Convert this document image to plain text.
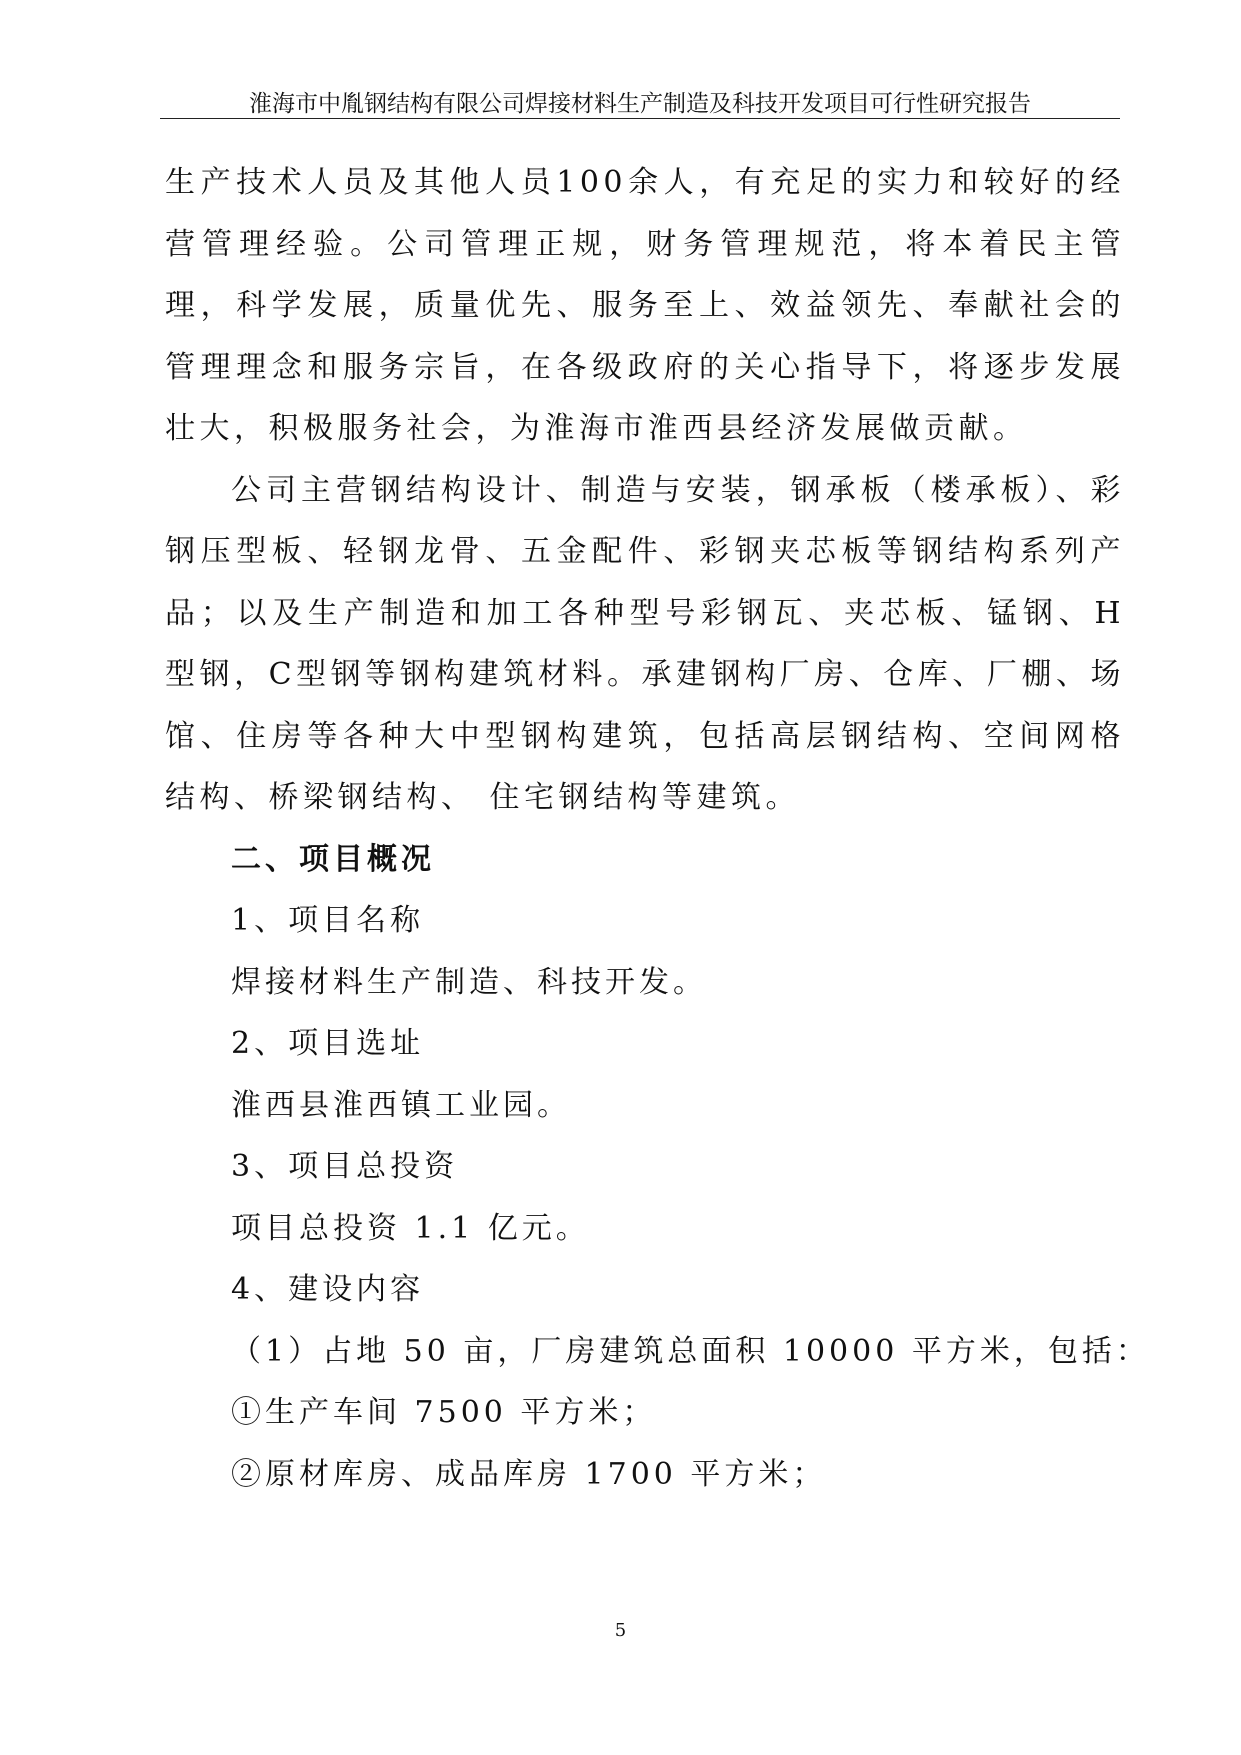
淮海市中胤钢结构有限公司焊接材料生产制造及科技开发项目可行性研究报告

生产技术人员及其他人员100余人，有充足的实力和较好的经营管理经验。公司管理正规，财务管理规范，将本着民主管理，科学发展，质量优先、服务至上、效益领先、奉献社会的管理理念和服务宗旨，在各级政府的关心指导下，将逐步发展壮大，积极服务社会，为淮海市淮西县经济发展做贡献。

公司主营钢结构设计、制造与安装，钢承板（楼承板）、彩钢压型板、轻钢龙骨、五金配件、彩钢夹芯板等钢结构系列产品；以及生产制造和加工各种型号彩钢瓦、夹芯板、锰钢、H型钢，C型钢等钢构建筑材料。承建钢构厂房、仓库、厂棚、场馆、住房等各种大中型钢构建筑，包括高层钢结构、空间网格结构、桥梁钢结构、 住宅钢结构等建筑。

二、项目概况

1、项目名称

焊接材料生产制造、科技开发。

2、项目选址

淮西县淮西镇工业园。

3、项目总投资

项目总投资 1.1 亿元。

4、建设内容

（1）占地 50 亩，厂房建筑总面积 10000 平方米，包括：

①生产车间 7500 平方米；

②原材库房、成品库房 1700 平方米；

5
